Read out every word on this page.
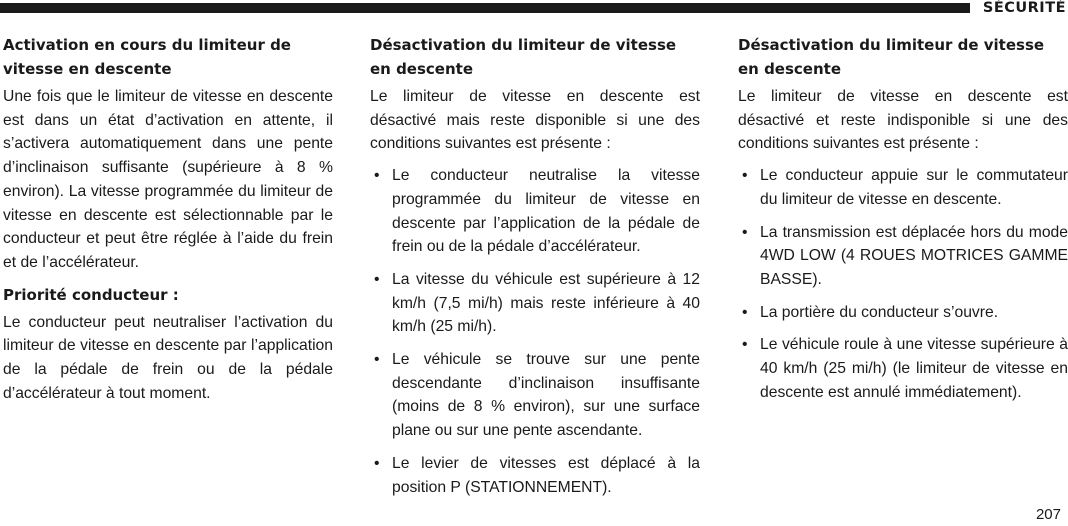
SÉCURITÉ
Activation en cours du limiteur de vitesse en descente

Une fois que le limiteur de vitesse en descente est dans un état d’activation en attente, il s’activera automatiquement dans une pente d’inclinaison suffisante (supérieure à 8 % environ). La vitesse programmée du limiteur de vitesse en descente est sélectionnable par le conducteur et peut être réglée à l’aide du frein et de l’accélérateur.

Priorité conducteur :

Le conducteur peut neutraliser l’activation du limiteur de vitesse en descente par l’application de la pédale de frein ou de la pédale d’accélérateur à tout moment.

Désactivation du limiteur de vitesse en descente

Le limiteur de vitesse en descente est désactivé mais reste disponible si une des conditions suivantes est présente :

• Le conducteur neutralise la vitesse programmée du limiteur de vitesse en descente par l’application de la pédale de frein ou de la pédale d’accélérateur.
• La vitesse du véhicule est supérieure à 12 km/h (7,5 mi/h) mais reste inférieure à 40 km/h (25 mi/h).
• Le véhicule se trouve sur une pente descendante d’inclinaison insuffisante (moins de 8 % environ), sur une surface plane ou sur une pente ascendante.
• Le levier de vitesses est déplacé à la position P (STATIONNEMENT).
Désactivation du limiteur de vitesse en descente

Le limiteur de vitesse en descente est désactivé et reste indisponible si une des conditions suivantes est présente :

• Le conducteur appuie sur le commutateur du limiteur de vitesse en descente.
• La transmission est déplacée hors du mode 4WD LOW (4 ROUES MOTRICES GAMME BASSE).
• La portière du conducteur s’ouvre.
• Le véhicule roule à une vitesse supérieure à 40 km/h (25 mi/h) (le limiteur de vitesse en descente est annulé immédiatement).
207
